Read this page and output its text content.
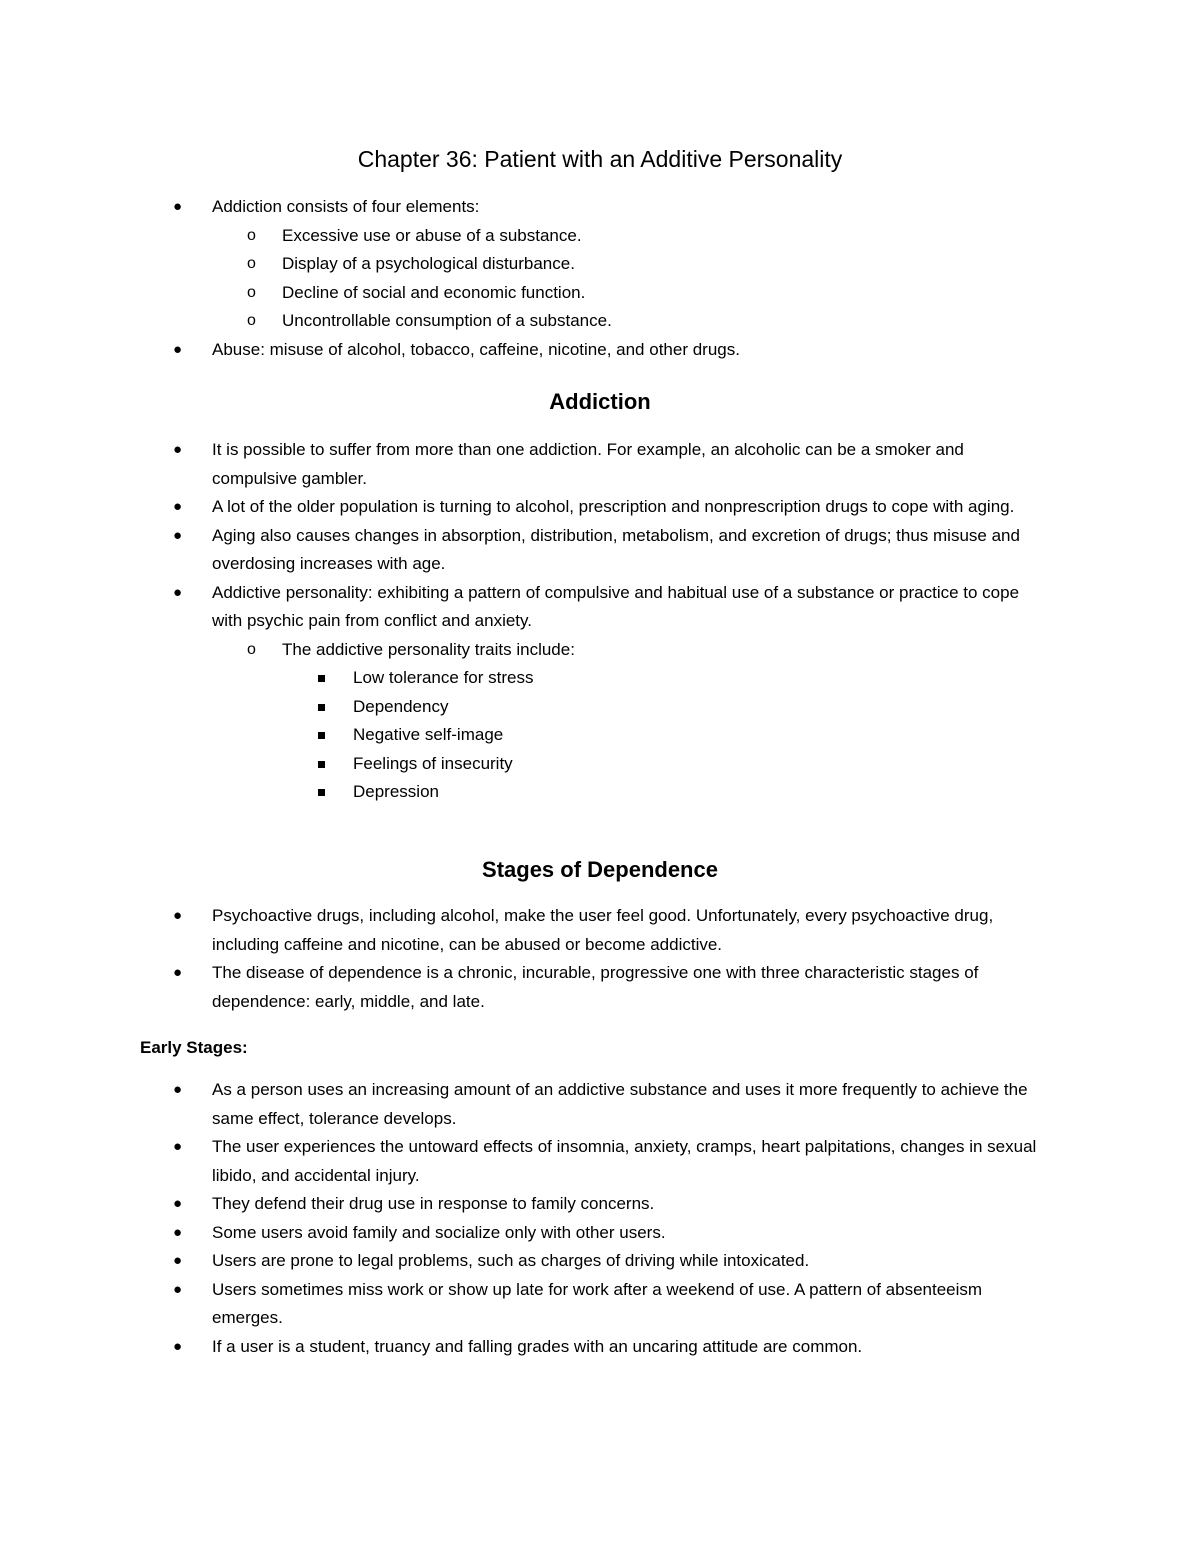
Chapter 36: Patient with an Additive Personality
● Addiction consists of four elements:
o Excessive use or abuse of a substance.
o Display of a psychological disturbance.
o Decline of social and economic function.
o Uncontrollable consumption of a substance.
● Abuse: misuse of alcohol, tobacco, caffeine, nicotine, and other drugs.
Addiction
● It is possible to suffer from more than one addiction. For example, an alcoholic can be a smoker and compulsive gambler.
● A lot of the older population is turning to alcohol, prescription and nonprescription drugs to cope with aging.
● Aging also causes changes in absorption, distribution, metabolism, and excretion of drugs; thus misuse and overdosing increases with age.
● Addictive personality: exhibiting a pattern of compulsive and habitual use of a substance or practice to cope with psychic pain from conflict and anxiety.
o The addictive personality traits include:
Low tolerance for stress
Dependency
Negative self-image
Feelings of insecurity
Depression
Stages of Dependence
● Psychoactive drugs, including alcohol, make the user feel good. Unfortunately, every psychoactive drug, including caffeine and nicotine, can be abused or become addictive.
● The disease of dependence is a chronic, incurable, progressive one with three characteristic stages of dependence: early, middle, and late.
Early Stages:
● As a person uses an increasing amount of an addictive substance and uses it more frequently to achieve the same effect, tolerance develops.
● The user experiences the untoward effects of insomnia, anxiety, cramps, heart palpitations, changes in sexual libido, and accidental injury.
● They defend their drug use in response to family concerns.
● Some users avoid family and socialize only with other users.
● Users are prone to legal problems, such as charges of driving while intoxicated.
● Users sometimes miss work or show up late for work after a weekend of use. A pattern of absenteeism emerges.
● If a user is a student, truancy and falling grades with an uncaring attitude are common.
